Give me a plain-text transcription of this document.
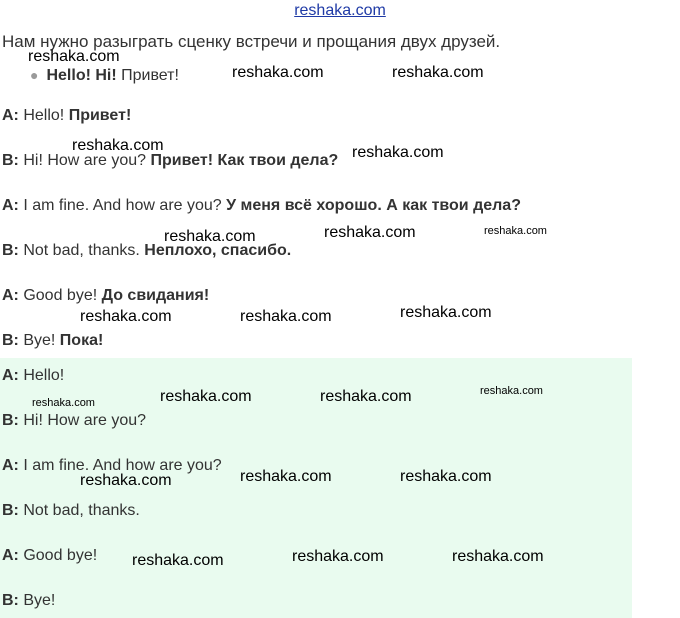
reshaka.com
Нам нужно разыграть сценку встречи и прощания двух друзей.
● Hello! Hi! Привет!
A: Hello! Привет!
B: Hi! How are you? Привет! Как твои дела?
A: I am fine. And how are you? У меня всё хорошо. А как твои дела?
B: Not bad, thanks. Неплохо, спасибо.
A: Good bye! До свидания!
B: Bye! Пока!
A: Hello!
B: Hi! How are you?
A: I am fine. And how are you?
B: Not bad, thanks.
A: Good bye!
B: Bye!
reshaka.com
reshaka.com	reshaka.com
reshaka.com	reshaka.com
reshaka.com	reshaka.com	reshaka.com
reshaka.com	reshaka.com	reshaka.com
reshaka.com	reshaka.com	reshaka.com	reshaka.com
reshaka.com	reshaka.com	reshaka.com
reshaka.com	reshaka.com	reshaka.com
